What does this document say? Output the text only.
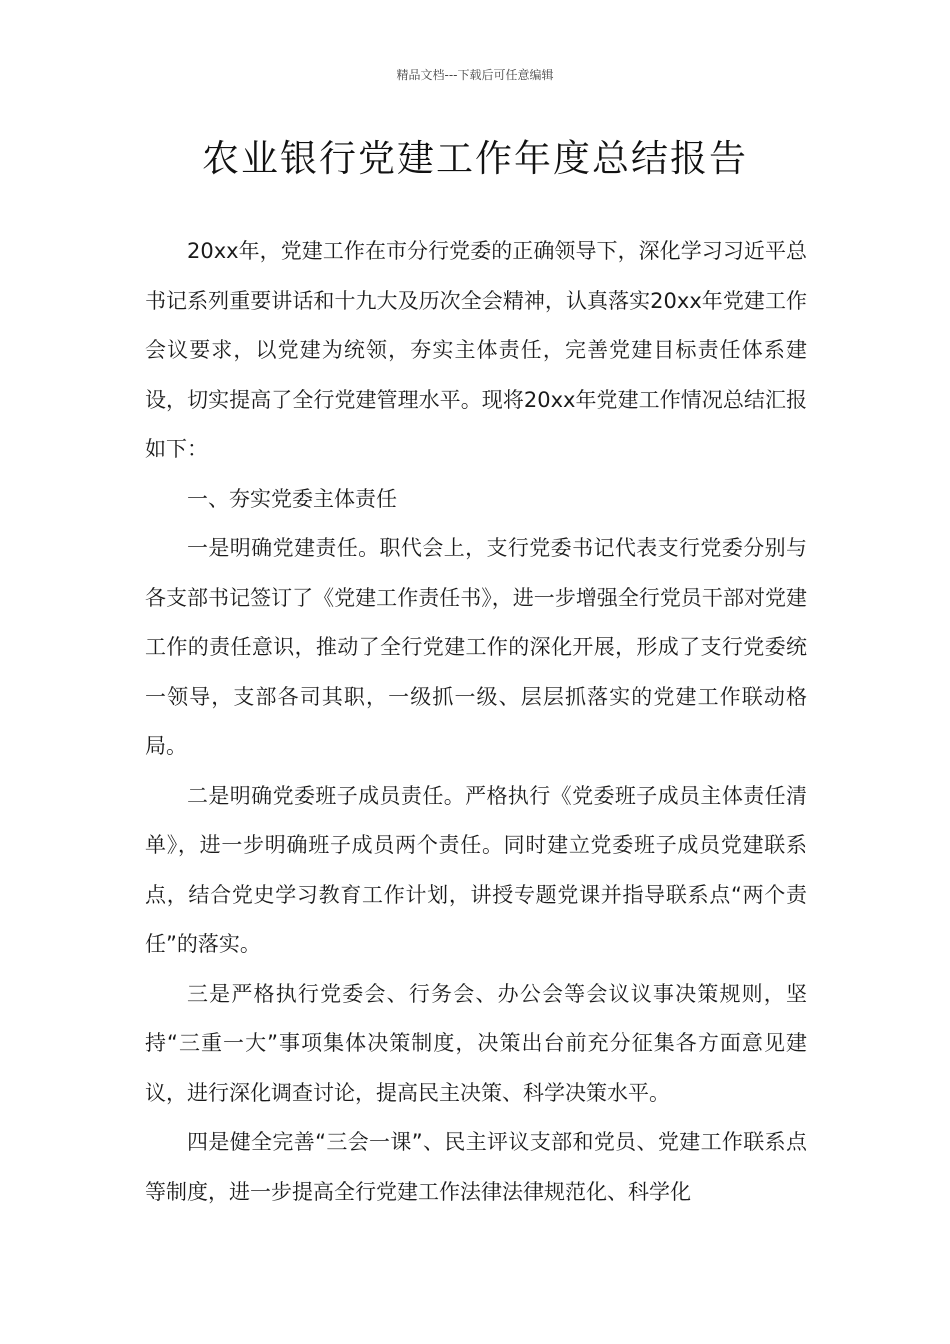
精品文档---下载后可任意编辑
农业银行党建工作年度总结报告

20xx年，党建工作在市分行党委的正确领导下，深化学习习近平总书记系列重要讲话和十九大及历次全会精神，认真落实20xx年党建工作会议要求，以党建为统领，夯实主体责任，完善党建目标责任体系建设，切实提高了全行党建管理水平。现将20xx年党建工作情况总结汇报如下：

一、夯实党委主体责任

一是明确党建责任。职代会上，支行党委书记代表支行党委分别与各支部书记签订了《党建工作责任书》，进一步增强全行党员干部对党建工作的责任意识，推动了全行党建工作的深化开展，形成了支行党委统一领导，支部各司其职，一级抓一级、层层抓落实的党建工作联动格局。

二是明确党委班子成员责任。严格执行《党委班子成员主体责任清单》，进一步明确班子成员两个责任。同时建立党委班子成员党建联系点，结合党史学习教育工作计划，讲授专题党课并指导联系点“两个责任”的落实。

三是严格执行党委会、行务会、办公会等会议议事决策规则，坚持“三重一大”事项集体决策制度，决策出台前充分征集各方面意见建议，进行深化调查讨论，提高民主决策、科学决策水平。

四是健全完善“三会一课”、民主评议支部和党员、党建工作联系点等制度，进一步提高全行党建工作法律法律规范化、科学化
